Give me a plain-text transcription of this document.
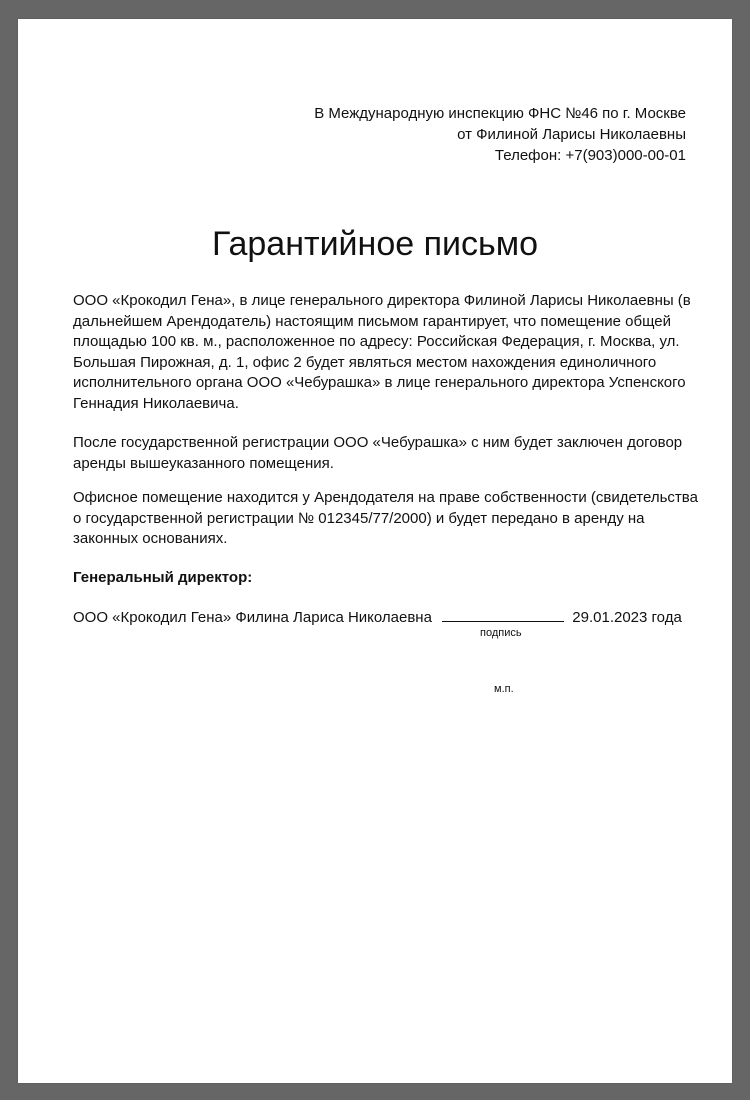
В Международную инспекцию ФНС №46 по г. Москве
от Филиной Ларисы Николаевны
Телефон: +7(903)000-00-01
Гарантийное письмо

ООО «Крокодил Гена», в лице генерального директора Филиной Ларисы Николаевны (в дальнейшем Арендодатель) настоящим письмом гарантирует, что помещение общей площадью 100 кв. м., расположенное по адресу: Российская Федерация, г. Москва, ул. Большая Пирожная, д. 1, офис 2 будет являться местом нахождения единоличного исполнительного органа ООО «Чебурашка» в лице генерального директора Успенского Геннадия Николаевича.

После государственной регистрации ООО «Чебурашка» с ним будет заключен договор аренды вышеуказанного помещения.

Офисное помещение находится у Арендодателя на праве собственности (свидетельства о государственной регистрации № 012345/77/2000) и будет передано в аренду на законных основаниях.

Генеральный директор:

ООО «Крокодил Гена» Филина Лариса Николаевна	29.01.2023 года
подпись
м.п.
